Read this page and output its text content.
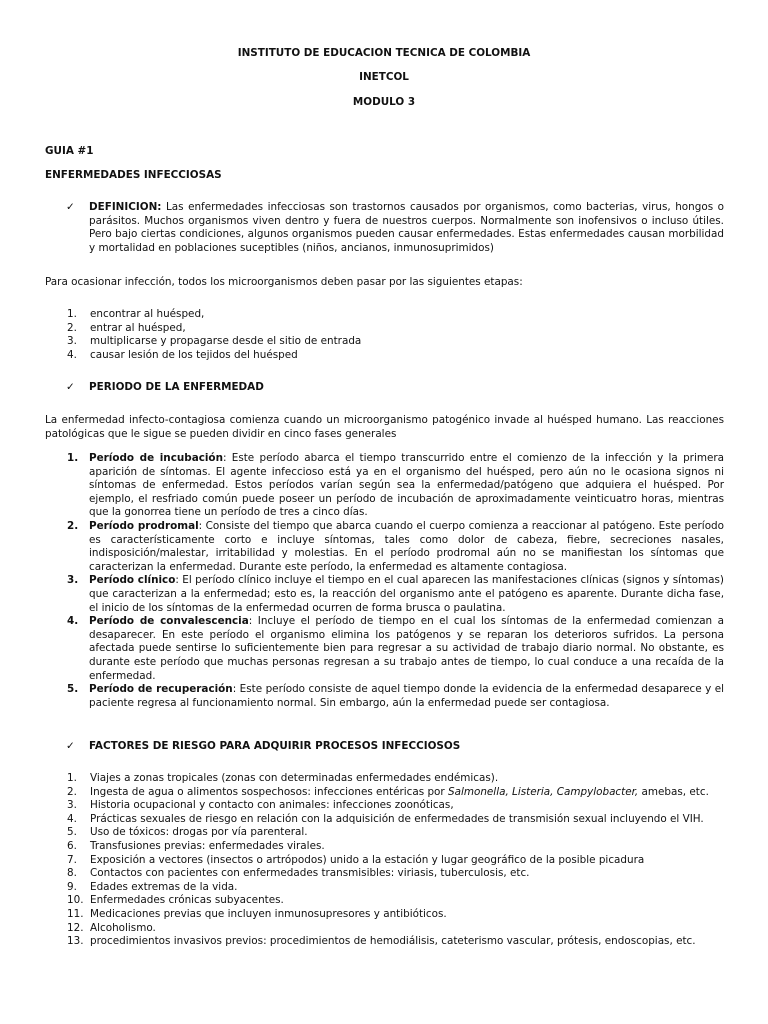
INSTITUTO DE EDUCACION TECNICA DE COLOMBIA
INETCOL
MODULO 3
GUIA #1
ENFERMEDADES INFECCIOSAS
✓ DEFINICION: Las enfermedades infecciosas son trastornos causados por organismos, como bacterias, virus, hongos o parásitos. Muchos organismos viven dentro y fuera de nuestros cuerpos. Normalmente son inofensivos o incluso útiles. Pero bajo ciertas condiciones, algunos organismos pueden causar enfermedades. Estas enfermedades causan morbilidad y mortalidad en poblaciones suceptibles (niños, ancianos, inmunosuprimidos)
Para ocasionar infección, todos los microorganismos deben pasar por las siguientes etapas:
1. encontrar al huésped,
2. entrar al huésped,
3. multiplicarse y propagarse desde el sitio de entrada
4. causar lesión de los tejidos del huésped
✓ PERIODO DE LA ENFERMEDAD
La enfermedad infecto-contagiosa comienza cuando un microorganismo patogénico invade al huésped humano. Las reacciones patológicas que le sigue se pueden dividir en cinco fases generales
1. Período de incubación: Este período abarca el tiempo transcurrido entre el comienzo de la infección y la primera aparición de síntomas. El agente infeccioso está ya en el organismo del huésped, pero aún no le ocasiona signos ni síntomas de enfermedad. Estos períodos varían según sea la enfermedad/patógeno que adquiera el huésped. Por ejemplo, el resfriado común puede poseer un período de incubación de aproximadamente veinticuatro horas, mientras que la gonorrea tiene un período de tres a cinco días.
2. Período prodromal: Consiste del tiempo que abarca cuando el cuerpo comienza a reaccionar al patógeno. Este período es característicamente corto e incluye síntomas, tales como dolor de cabeza, fiebre, secreciones nasales, indisposición/malestar, irritabilidad y molestias. En el período prodromal aún no se manifiestan los síntomas que caracterizan la enfermedad. Durante este período, la enfermedad es altamente contagiosa.
3. Período clínico: El período clínico incluye el tiempo en el cual aparecen las manifestaciones clínicas (signos y síntomas) que caracterizan a la enfermedad; esto es, la reacción del organismo ante el patógeno es aparente. Durante dicha fase, el inicio de los síntomas de la enfermedad ocurren de forma brusca o paulatina.
4. Período de convalescencia: Incluye el período de tiempo en el cual los síntomas de la enfermedad comienzan a desaparecer. En este período el organismo elimina los patógenos y se reparan los deterioros sufridos. La persona afectada puede sentirse lo suficientemente bien para regresar a su actividad de trabajo diario normal. No obstante, es durante este período que muchas personas regresan a su trabajo antes de tiempo, lo cual conduce a una recaída de la enfermedad.
5. Período de recuperación: Este período consiste de aquel tiempo donde la evidencia de la enfermedad desaparece y el paciente regresa al funcionamiento normal. Sin embargo, aún la enfermedad puede ser contagiosa.
✓ FACTORES DE RIESGO PARA ADQUIRIR PROCESOS INFECCIOSOS
1. Viajes a zonas tropicales (zonas con determinadas enfermedades endémicas).
2. Ingesta de agua o alimentos sospechosos: infecciones entéricas por Salmonella, Listeria, Campylobacter, amebas, etc.
3. Historia ocupacional y contacto con animales: infecciones zoonóticas,
4. Prácticas sexuales de riesgo en relación con la adquisición de enfermedades de transmisión sexual incluyendo el VIH.
5. Uso de tóxicos: drogas por vía parenteral.
6. Transfusiones previas: enfermedades virales.
7. Exposición a vectores (insectos o artrópodos) unido a la estación y lugar geográfico de la posible picadura
8. Contactos con pacientes con enfermedades transmisibles: viriasis, tuberculosis, etc.
9. Edades extremas de la vida.
10. Enfermedades crónicas subyacentes.
11. Medicaciones previas que incluyen inmunosupresores y antibióticos.
12. Alcoholismo.
13. procedimientos invasivos previos: procedimientos de hemodiálisis, cateterismo vascular, prótesis, endoscopias, etc.
